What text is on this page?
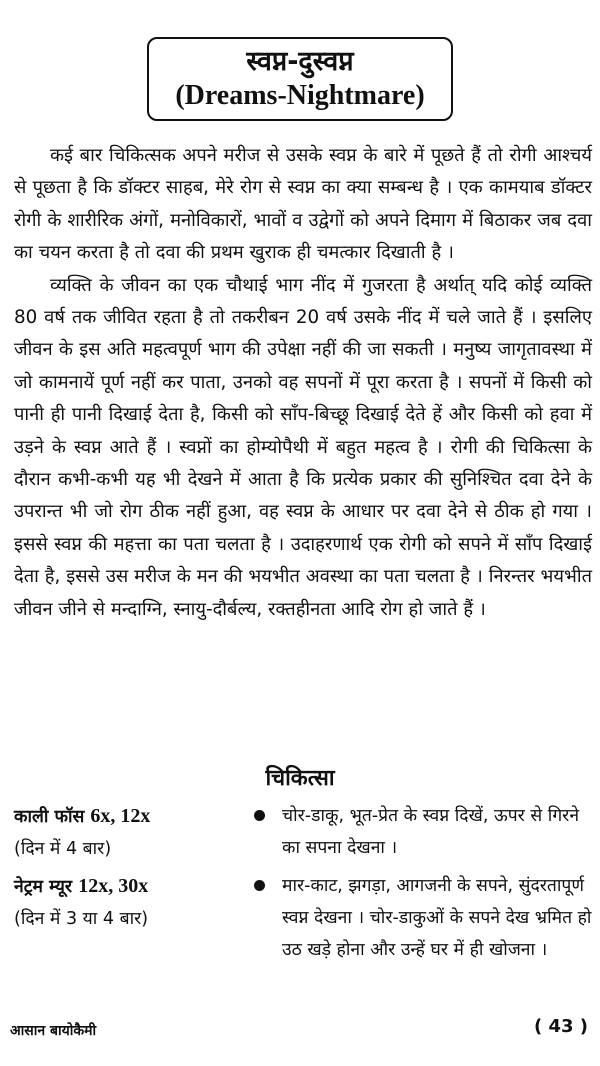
स्वप्न-दुस्वप्न
(Dreams-Nightmare)

कई बार चिकित्सक अपने मरीज से उसके स्वप्न के बारे में पूछते हैं तो रोगी आश्चर्य से पूछता है कि डॉक्टर साहब, मेरे रोग से स्वप्न का क्या सम्बन्ध है । एक कामयाब डॉक्टर रोगी के शारीरिक अंगों, मनोविकारों, भावों व उद्वेगों को अपने दिमाग में बिठाकर जब दवा का चयन करता है तो दवा की प्रथम खुराक ही चमत्कार दिखाती है ।

व्यक्ति के जीवन का एक चौथाई भाग नींद में गुजरता है अर्थात् यदि कोई व्यक्ति 80 वर्ष तक जीवित रहता है तो तकरीबन 20 वर्ष उसके नींद में चले जाते हैं । इसलिए जीवन के इस अति महत्वपूर्ण भाग की उपेक्षा नहीं की जा सकती । मनुष्य जागृतावस्था में जो कामनायें पूर्ण नहीं कर पाता, उनको वह सपनों में पूरा करता है । सपनों में किसी को पानी ही पानी दिखाई देता है, किसी को साँप-बिच्छू दिखाई देते हें और किसी को हवा में उड़ने के स्वप्न आते हैं । स्वप्नों का होम्योपैथी में बहुत महत्व है । रोगी की चिकित्सा के दौरान कभी-कभी यह भी देखने में आता है कि प्रत्येक प्रकार की सुनिश्चित दवा देने के उपरान्त भी जो रोग ठीक नहीं हुआ, वह स्वप्न के आधार पर दवा देने से ठीक हो गया । इससे स्वप्न की महत्ता का पता चलता है । उदाहरणार्थ एक रोगी को सपने में साँप दिखाई देता है, इससे उस मरीज के मन की भयभीत अवस्था का पता चलता है । निरन्तर भयभीत जीवन जीने से मन्दाग्नि, स्नायु-दौर्बल्य, रक्तहीनता आदि रोग हो जाते हैं ।

चिकित्सा
काली फॉस 6x, 12x
(दिन में 4 बार)
चोर-डाकू, भूत-प्रेत के स्वप्न दिखें, ऊपर से गिरने का सपना देखना ।
नेट्रम म्यूर 12x, 30x
(दिन में 3 या 4 बार)
मार-काट, झगड़ा, आगजनी के सपने, सुंदरतापूर्ण स्वप्न देखना । चोर-डाकुओं के सपने देख भ्रमित हो उठ खड़े होना और उन्हें घर में ही खोजना ।
आसान बायोकैमी	( 43 )
